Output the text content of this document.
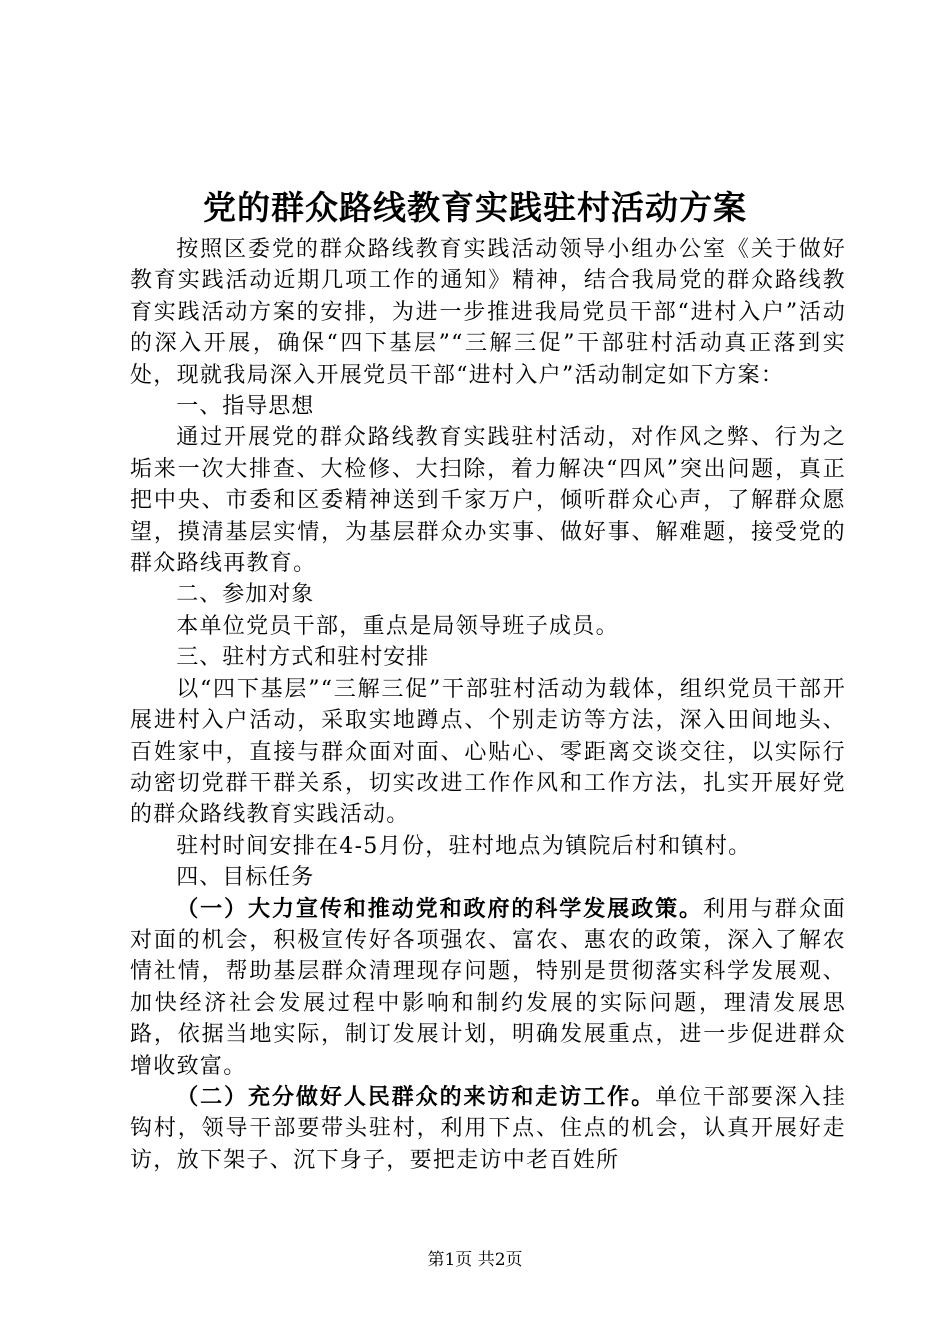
党的群众路线教育实践驻村活动方案

按照区委党的群众路线教育实践活动领导小组办公室《关于做好教育实践活动近期几项工作的通知》精神，结合我局党的群众路线教育实践活动方案的安排，为进一步推进我局党员干部“进村入户”活动的深入开展，确保“四下基层”“三解三促”干部驻村活动真正落到实处，现就我局深入开展党员干部“进村入户”活动制定如下方案：

一、指导思想

通过开展党的群众路线教育实践驻村活动，对作风之弊、行为之垢来一次大排查、大检修、大扫除，着力解决“四风”突出问题，真正把中央、市委和区委精神送到千家万户，倾听群众心声，了解群众愿望，摸清基层实情，为基层群众办实事、做好事、解难题，接受党的群众路线再教育。

二、参加对象

本单位党员干部，重点是局领导班子成员。

三、驻村方式和驻村安排

以“四下基层”“三解三促”干部驻村活动为载体，组织党员干部开展进村入户活动，采取实地蹲点、个别走访等方法，深入田间地头、百姓家中，直接与群众面对面、心贴心、零距离交谈交往，以实际行动密切党群干群关系，切实改进工作作风和工作方法，扎实开展好党的群众路线教育实践活动。

驻村时间安排在4-5月份，驻村地点为镇院后村和镇村。

四、目标任务

（一）大力宣传和推动党和政府的科学发展政策。利用与群众面对面的机会，积极宣传好各项强农、富农、惠农的政策，深入了解农情社情，帮助基层群众清理现存问题，特别是贯彻落实科学发展观、加快经济社会发展过程中影响和制约发展的实际问题，理清发展思路，依据当地实际，制订发展计划，明确发展重点，进一步促进群众增收致富。

（二）充分做好人民群众的来访和走访工作。单位干部要深入挂钩村，领导干部要带头驻村，利用下点、住点的机会，认真开展好走访，放下架子、沉下身子，要把走访中老百姓所

第1页 共2页
